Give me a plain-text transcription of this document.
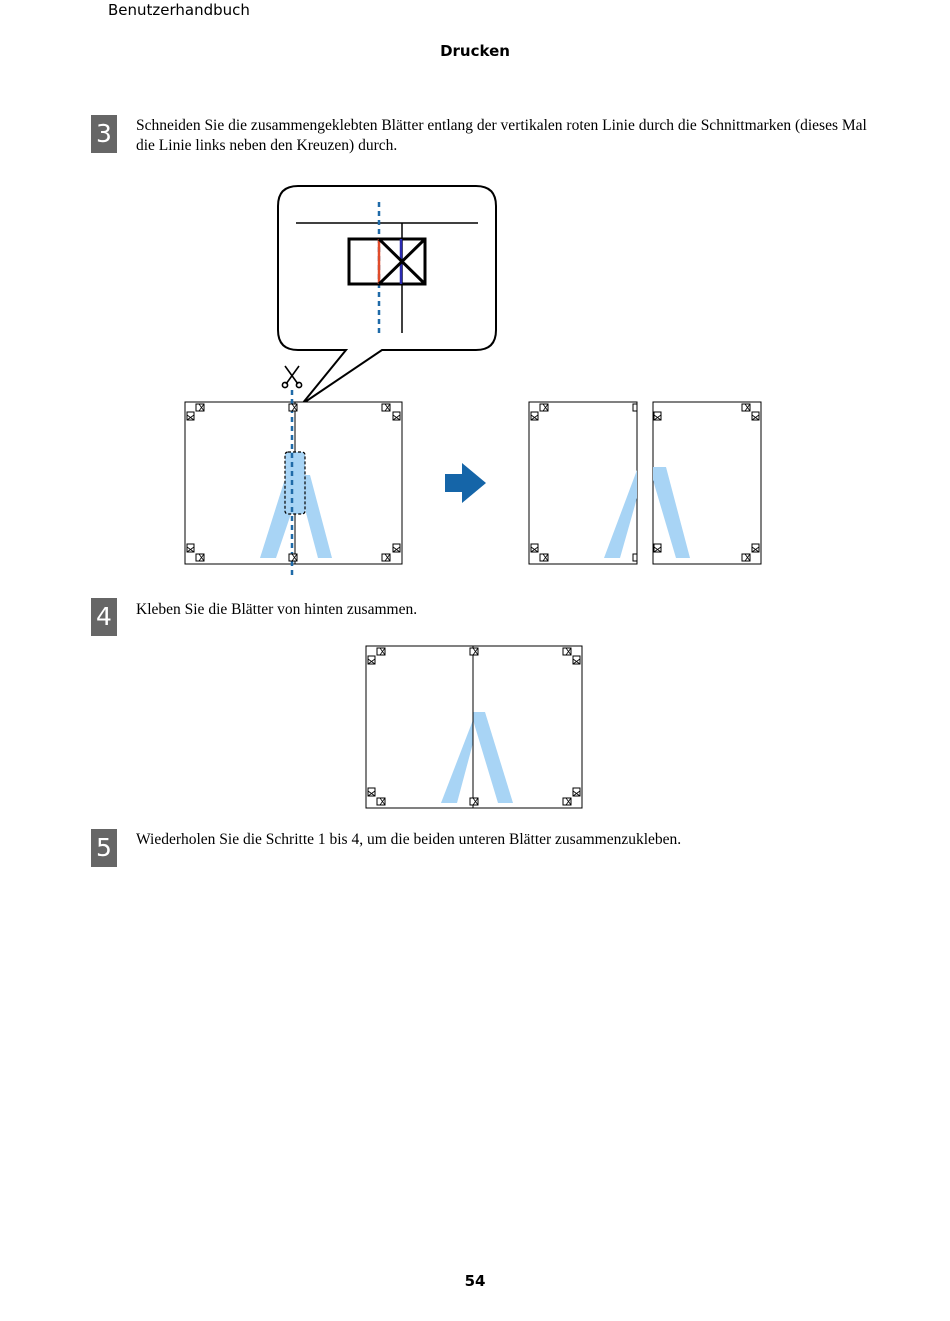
Benutzerhandbuch
Drucken
3	Schneiden Sie die zusammengeklebten Blätter entlang der vertikalen roten Linie durch die Schnittmarken (dieses Mal die Linie links neben den Kreuzen) durch.
4	Kleben Sie die Blätter von hinten zusammen.
5	Wiederholen Sie die Schritte 1 bis 4, um die beiden unteren Blätter zusammenzukleben.
54
